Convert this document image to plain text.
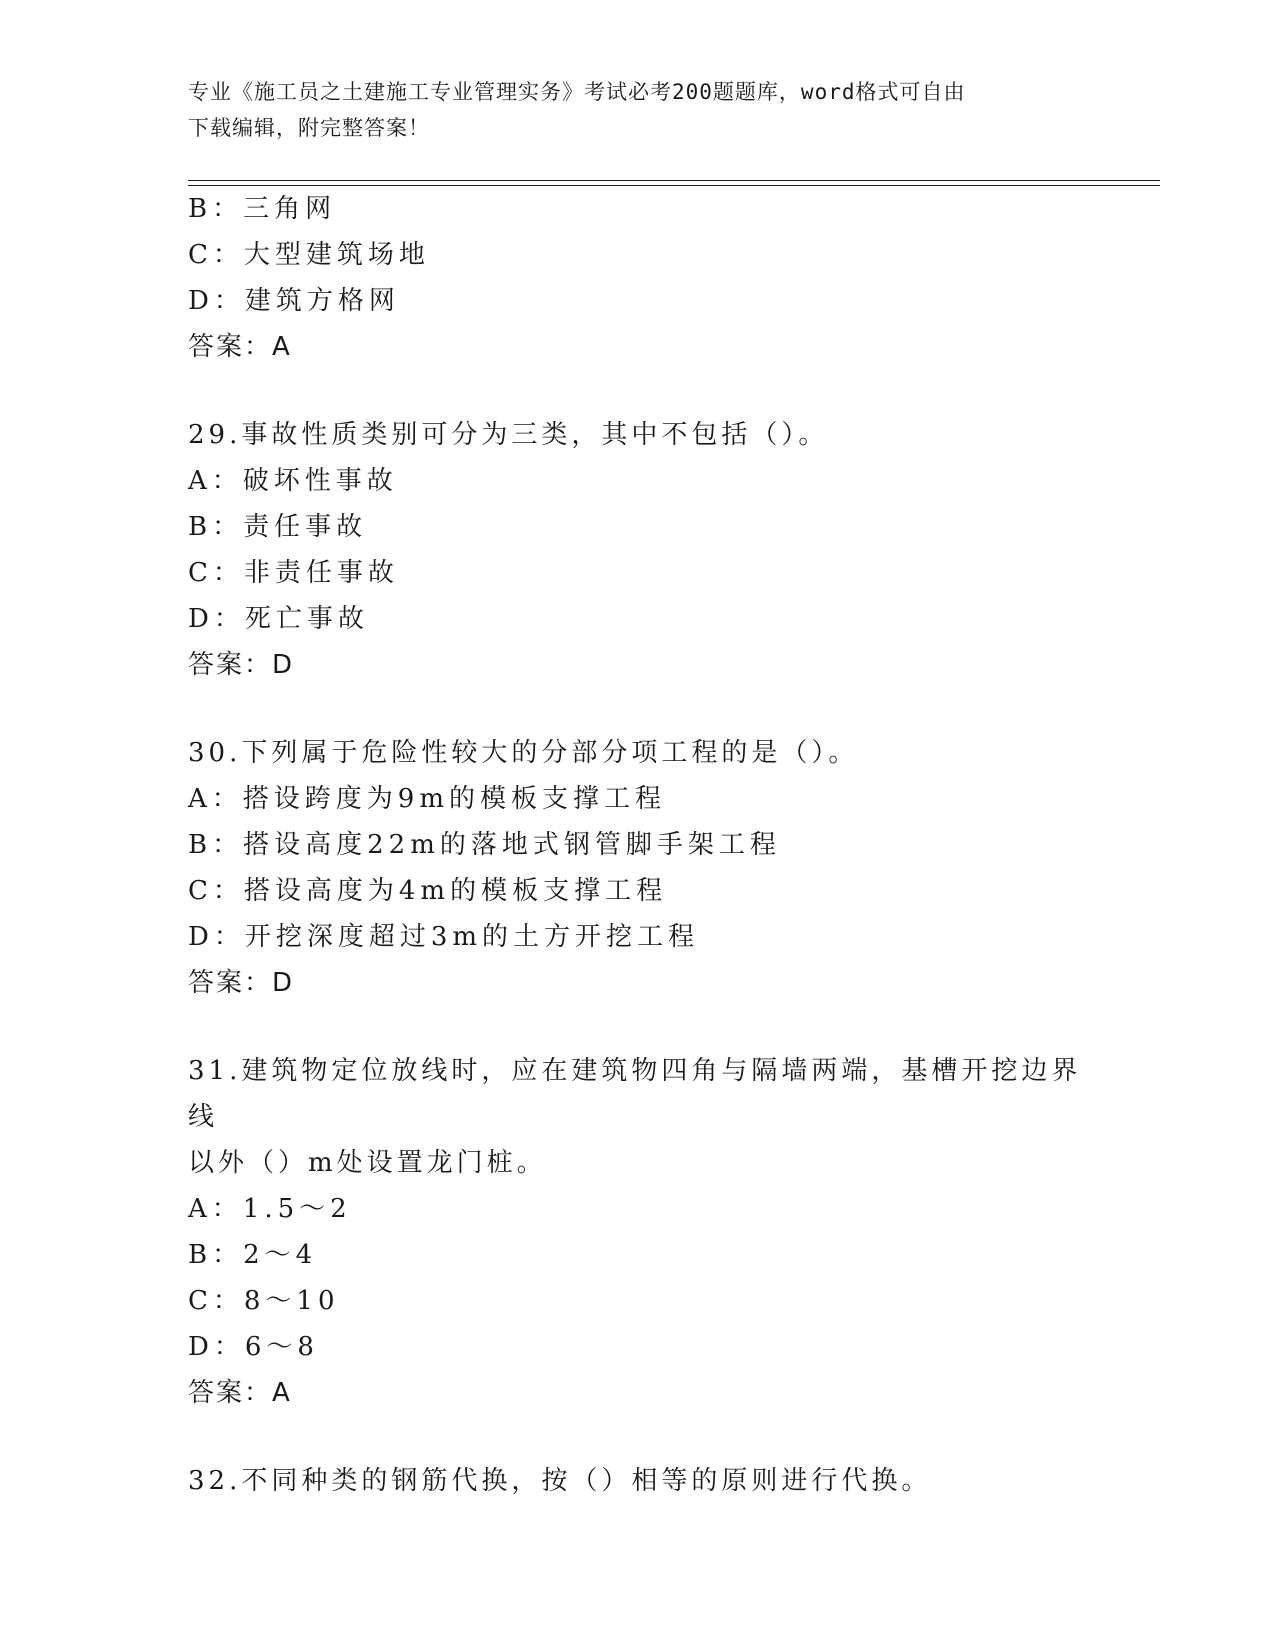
专业《施工员之土建施工专业管理实务》考试必考200题题库，word格式可自由
下载编辑，附完整答案！
B：三角网
C：大型建筑场地
D：建筑方格网
答案：A
29.事故性质类别可分为三类，其中不包括（）。
A：破坏性事故
B：责任事故
C：非责任事故
D：死亡事故
答案：D
30.下列属于危险性较大的分部分项工程的是（）。
A：搭设跨度为9m的模板支撑工程
B：搭设高度22m的落地式钢管脚手架工程
C：搭设高度为4m的模板支撑工程
D：开挖深度超过3m的土方开挖工程
答案：D
31.建筑物定位放线时，应在建筑物四角与隔墙两端，基槽开挖边界线
以外（）m处设置龙门桩。
A：1.5～2
B：2～4
C：8～10
D：6～8
答案：A
32.不同种类的钢筋代换，按（）相等的原则进行代换。
